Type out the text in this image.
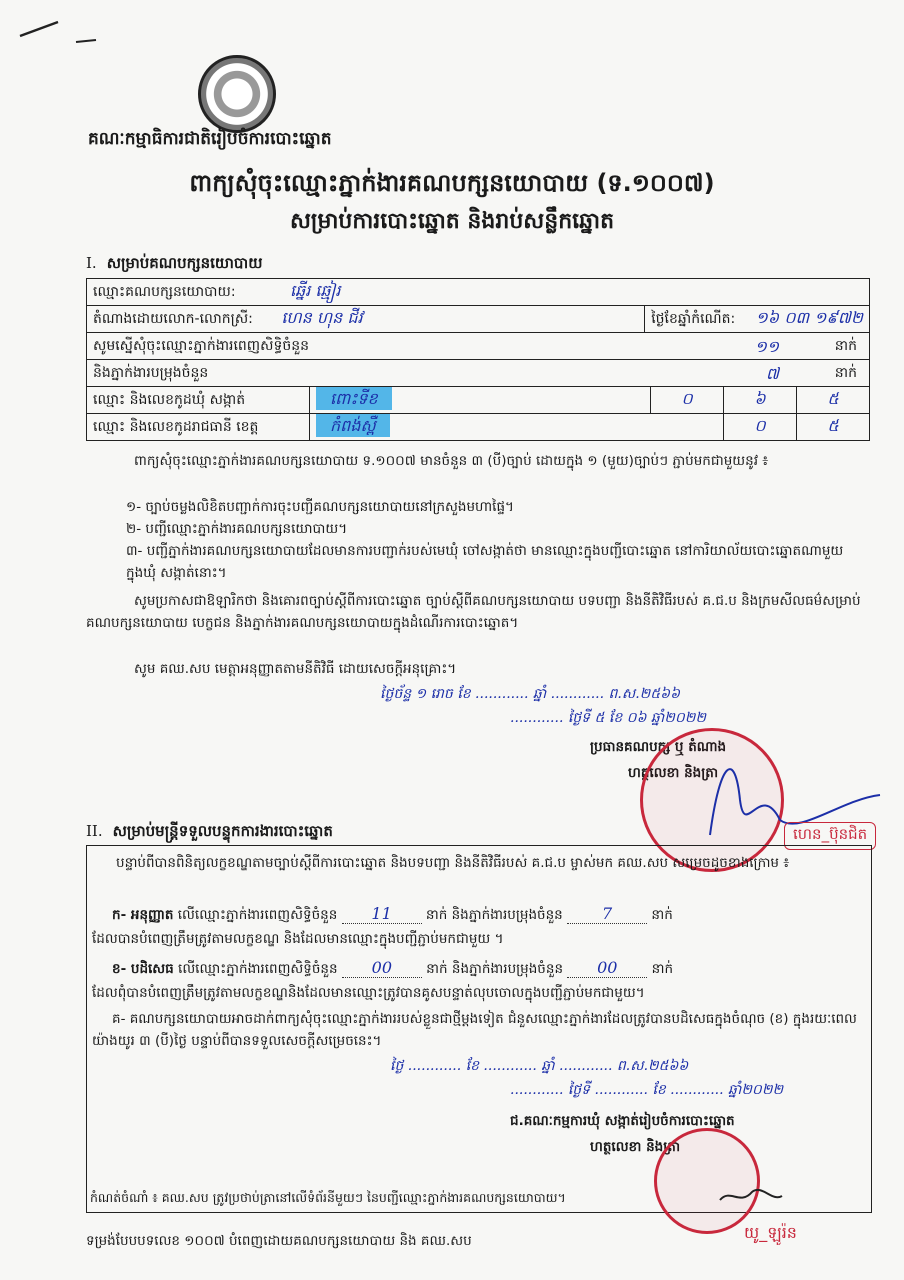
គណៈកម្មាធិការជាតិរៀបចំការបោះឆ្នោត
ពាក្យសុំចុះឈ្មោះភ្នាក់ងារគណបក្សនយោបាយ (ទ.១០០៧)
សម្រាប់ការបោះឆ្នោត និងរាប់សន្លឹកឆ្នោត
I. សម្រាប់គណបក្សនយោបាយ
ឈ្មោះគណបក្សនយោបាយ: ឆ្នើរ ឆ្មៀរ					
តំណាងដោយលោក-លោកស្រី: ហេន ហុន ជីវ		ថ្ងៃខែឆ្នាំកំណើត: ១៦ ០៣ ១៩៧២			
សូមស្នើសុំចុះឈ្មោះភ្នាក់ងារពេញសិទ្ធិចំនួន ១១ នាក់					

និងភ្នាក់ងារបម្រុងចំនួន ៧ នាក់					

ឈ្មោះ និងលេខកូដឃុំ សង្កាត់	ពោះទីខ		០	៦	៥
ឈ្មោះ និងលេខកូដរាជធានី ខេត្ត	កំពង់ស្ពឺ			០	៥
ពាក្យសុំចុះឈ្មោះភ្នាក់ងារគណបក្សនយោបាយ ទ.១០០៧ មានចំនួន ៣ (បី)ច្បាប់ ដោយក្នុង ១ (មួយ)ច្បាប់ៗ ភ្ជាប់មកជាមួយនូវ ៖
១- ច្បាប់ចម្លងលិខិតបញ្ជាក់ការចុះបញ្ជីគណបក្សនយោបាយនៅក្រសួងមហាផ្ទៃ។
២- បញ្ជីឈ្មោះភ្នាក់ងារគណបក្សនយោបាយ។
៣- បញ្ជីភ្នាក់ងារគណបក្សនយោបាយដែលមានការបញ្ជាក់របស់មេឃុំ ចៅសង្កាត់ថា មានឈ្មោះក្នុងបញ្ជីបោះឆ្នោត នៅការិយាល័យបោះឆ្នោតណាមួយក្នុងឃុំ សង្កាត់នោះ។
សូមប្រកាសជាឱឡារិកថា និងគោរពច្បាប់ស្តីពីការបោះឆ្នោត ច្បាប់ស្តីពីគណបក្សនយោបាយ បទបញ្ជា និងនីតិវិធីរបស់ គ.ជ.ប និងក្រមសីលធម៌សម្រាប់គណបក្សនយោបាយ បេក្ខជន និងភ្នាក់ងារគណបក្សនយោបាយក្នុងដំណើរការបោះឆ្នោត។
សូម គឈ.សប មេត្តាអនុញ្ញាតតាមនីតិវិធី ដោយសេចក្តីអនុគ្រោះ។
ថ្ងៃច័ន្ទ ១ រោច ខែ ............ ឆ្នាំ ............ ព.ស.២៥៦៦
............ ថ្ងៃទី ៥ ខែ ០៦ ឆ្នាំ២០២២
ប្រធានគណបក្ស ឬ តំណាង
ហត្ថលេខា និងត្រា
ហេន_ប៊ុនជិត
II. សម្រាប់មន្ត្រីទទួលបន្ទុកការងារបោះឆ្នោត
បន្ទាប់ពីបានពិនិត្យលក្ខខណ្ឌតាមច្បាប់ស្តីពីការបោះឆ្នោត និងបទបញ្ជា និងនីតិវិធីរបស់ គ.ជ.ប ម្ចាស់មក គឈ.សប សម្រេចដូចខាងក្រោម ៖
ក- អនុញ្ញាត លើឈ្មោះភ្នាក់ងារពេញសិទ្ធិចំនួន 11	នាក់ និងភ្នាក់ងារបម្រុងចំនួន 7	នាក់
ដែលបានបំពេញត្រឹមត្រូវតាមលក្ខខណ្ឌ និងដែលមានឈ្មោះក្នុងបញ្ជីភ្ជាប់មកជាមួយ ។
ខ- បដិសេធ លើឈ្មោះភ្នាក់ងារពេញសិទ្ធិចំនួន 00	នាក់ និងភ្នាក់ងារបម្រុងចំនួន 00	នាក់
ដែលពុំបានបំពេញត្រឹមត្រូវតាមលក្ខខណ្ឌនិងដែលមានឈ្មោះត្រូវបានគូសបន្ទាត់លុបចោលក្នុងបញ្ជីភ្ជាប់មកជាមួយ។
គ- គណបក្សនយោបាយអាចដាក់ពាក្យសុំចុះឈ្មោះភ្នាក់ងាររបស់ខ្លួនជាថ្មីម្តងទៀត ជំនួសឈ្មោះភ្នាក់ងារដែលត្រូវបានបដិសេធក្នុងចំណុច (ខ) ក្នុងរយៈពេលយ៉ាងយូរ ៣ (បី)ថ្ងៃ បន្ទាប់ពីបានទទួលសេចក្តីសម្រេចនេះ។
ថ្ងៃ ............ ខែ ............ ឆ្នាំ ............ ព.ស.២៥៦៦
............ ថ្ងៃទី ............ ខែ ............ ឆ្នាំ២០២២
ជ.គណៈកម្មការឃុំ សង្កាត់រៀបចំការបោះឆ្នោត
ហត្ថលេខា និងត្រា
កំណត់ចំណាំ ៖ គឈ.សប ត្រូវប្រថាប់ត្រានៅលើទំព័រនីមួយៗ នៃបញ្ជីឈ្មោះភ្នាក់ងារគណបក្សនយោបាយ។
ទម្រង់បែបបទលេខ ១០០៧ បំពេញដោយគណបក្សនយោបាយ និង គឈ.សប	យូ_ឡូរ៉ន
